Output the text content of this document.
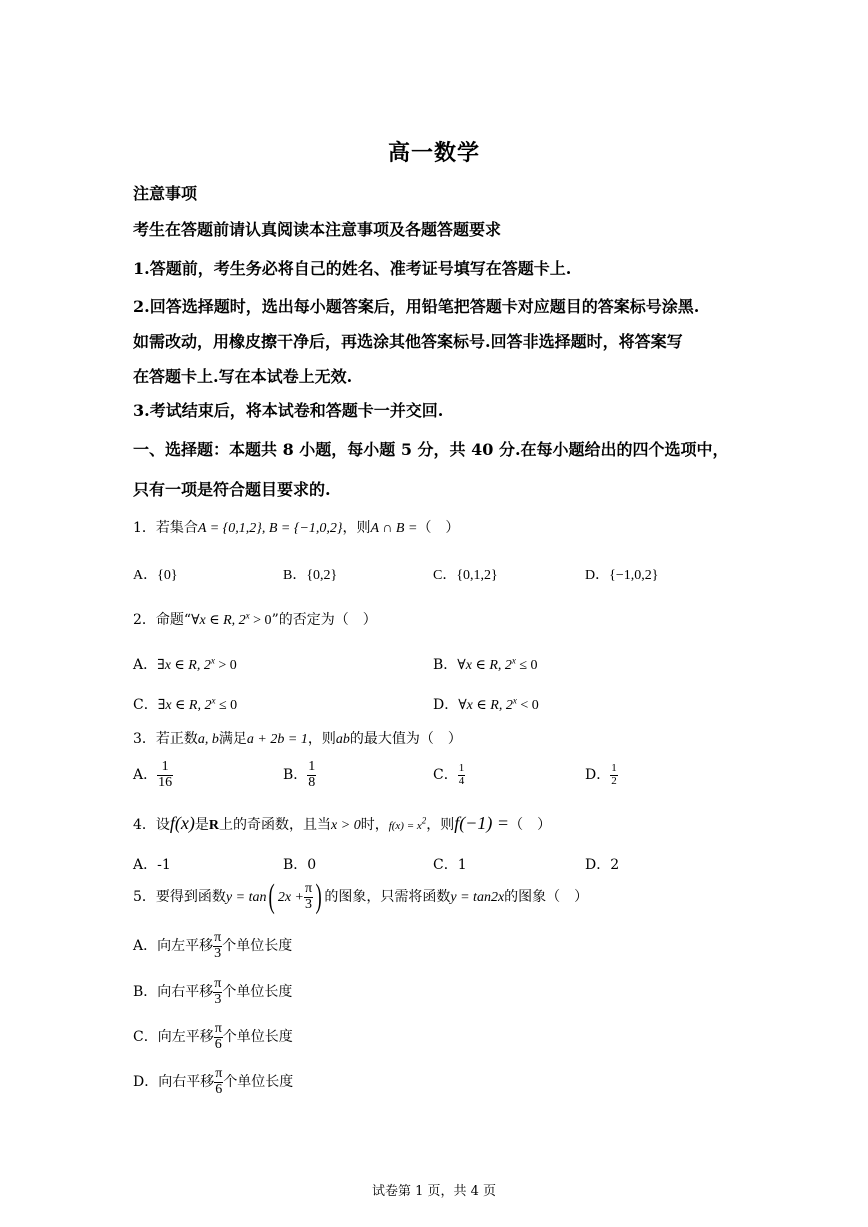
高一数学
注意事项
考生在答题前请认真阅读本注意事项及各题答题要求
1.答题前，考生务必将自己的姓名、准考证号填写在答题卡上.
2.回答选择题时，选出每小题答案后，用铅笔把答题卡对应题目的答案标号涂黑.
如需改动，用橡皮擦干净后，再选涂其他答案标号.回答非选择题时，将答案写
在答题卡上.写在本试卷上无效.
3.考试结束后，将本试卷和答题卡一并交回.
一、选择题：本题共 8 小题，每小题 5 分，共 40 分.在每小题给出的四个选项中，
只有一项是符合题目要求的.
1．若集合A = {0,1,2}, B = {−1,0,2}，则A ∩ B =（　）
A．{0}	B．{0,2}	C．{0,1,2}	D．{−1,0,2}
2．命题“∀x ∈ R, $2^x > 0$”的否定为（　）
A．∃x ∈ R, $2^x > 0$	B．∀x ∈ R, $2^x \le 0$
C．∃x ∈ R, $2^x \le 0$	D．∀x ∈ R, $2^x < 0$
3．若正数a, b满足a + 2b = 1，则ab的最大值为（　）
A． $\frac{1}{16}$	B． $\frac{1}{8}$	C． $\frac{1}{4}$	D． $\frac{1}{2}$
4．设f(x)是R上的奇函数，且当x > 0时，$f(x) = x^2$，则f(−1) =（　）
A．-1	B．0	C．1	D．2
5．要得到函数y = tan( $2x + \frac{\pi}{3}$ ) 的图象，只需将函数y = tan2x的图象（　）
A．向左平移 $\frac{\pi}{3}$ 个单位长度
B．向右平移 $\frac{\pi}{3}$ 个单位长度
C．向左平移 $\frac{\pi}{6}$ 个单位长度
D．向右平移 $\frac{\pi}{6}$ 个单位长度
试卷第 1 页，共 4 页
